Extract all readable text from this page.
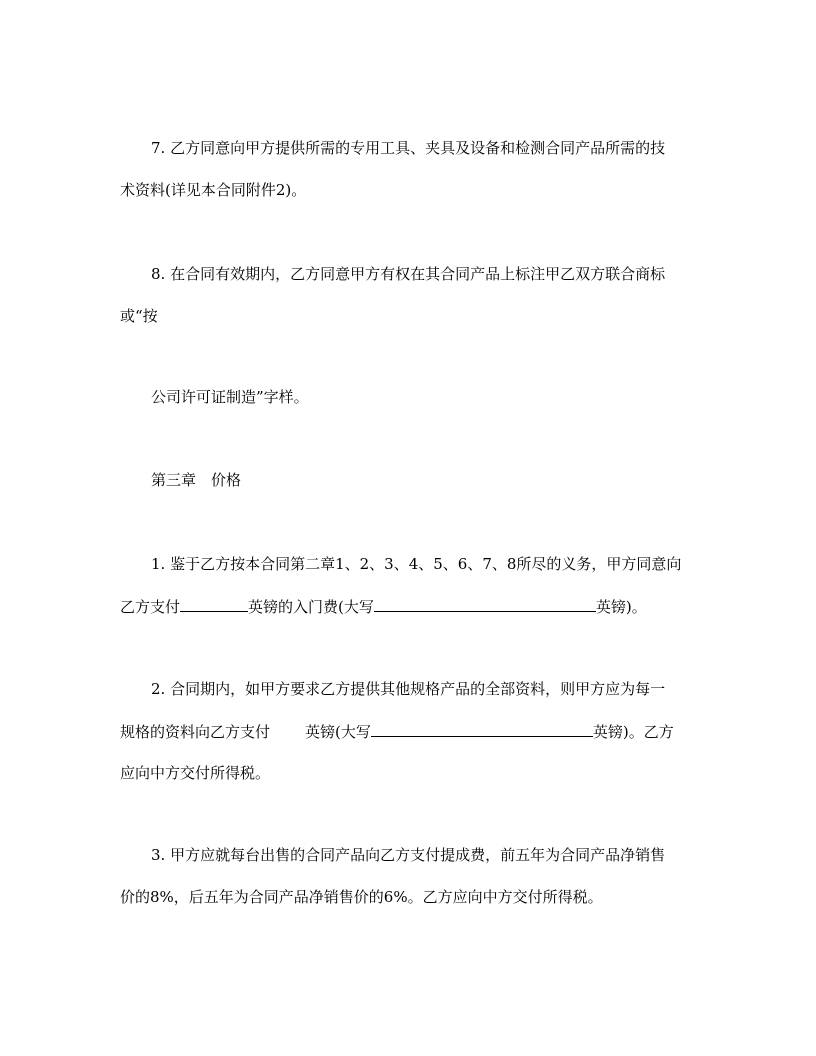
7. 乙方同意向甲方提供所需的专用工具、夹具及设备和检测合同产品所需的技
术资料(详见本合同附件2)。
8. 在合同有效期内，乙方同意甲方有权在其合同产品上标注甲乙双方联合商标
或“按
公司许可证制造”字样。
第三章　价格
1. 鉴于乙方按本合同第二章1、2、3、4、5、6、7、8所尽的义务，甲方同意向
乙方支付	英镑的入门费(大写	英镑)。
2. 合同期内，如甲方要求乙方提供其他规格产品的全部资料，则甲方应为每一
规格的资料向乙方支付 英镑(大写	英镑)。乙方
应向中方交付所得税。
3. 甲方应就每台出售的合同产品向乙方支付提成费，前五年为合同产品净销售
价的8%，后五年为合同产品净销售价的6%。乙方应向中方交付所得税。
